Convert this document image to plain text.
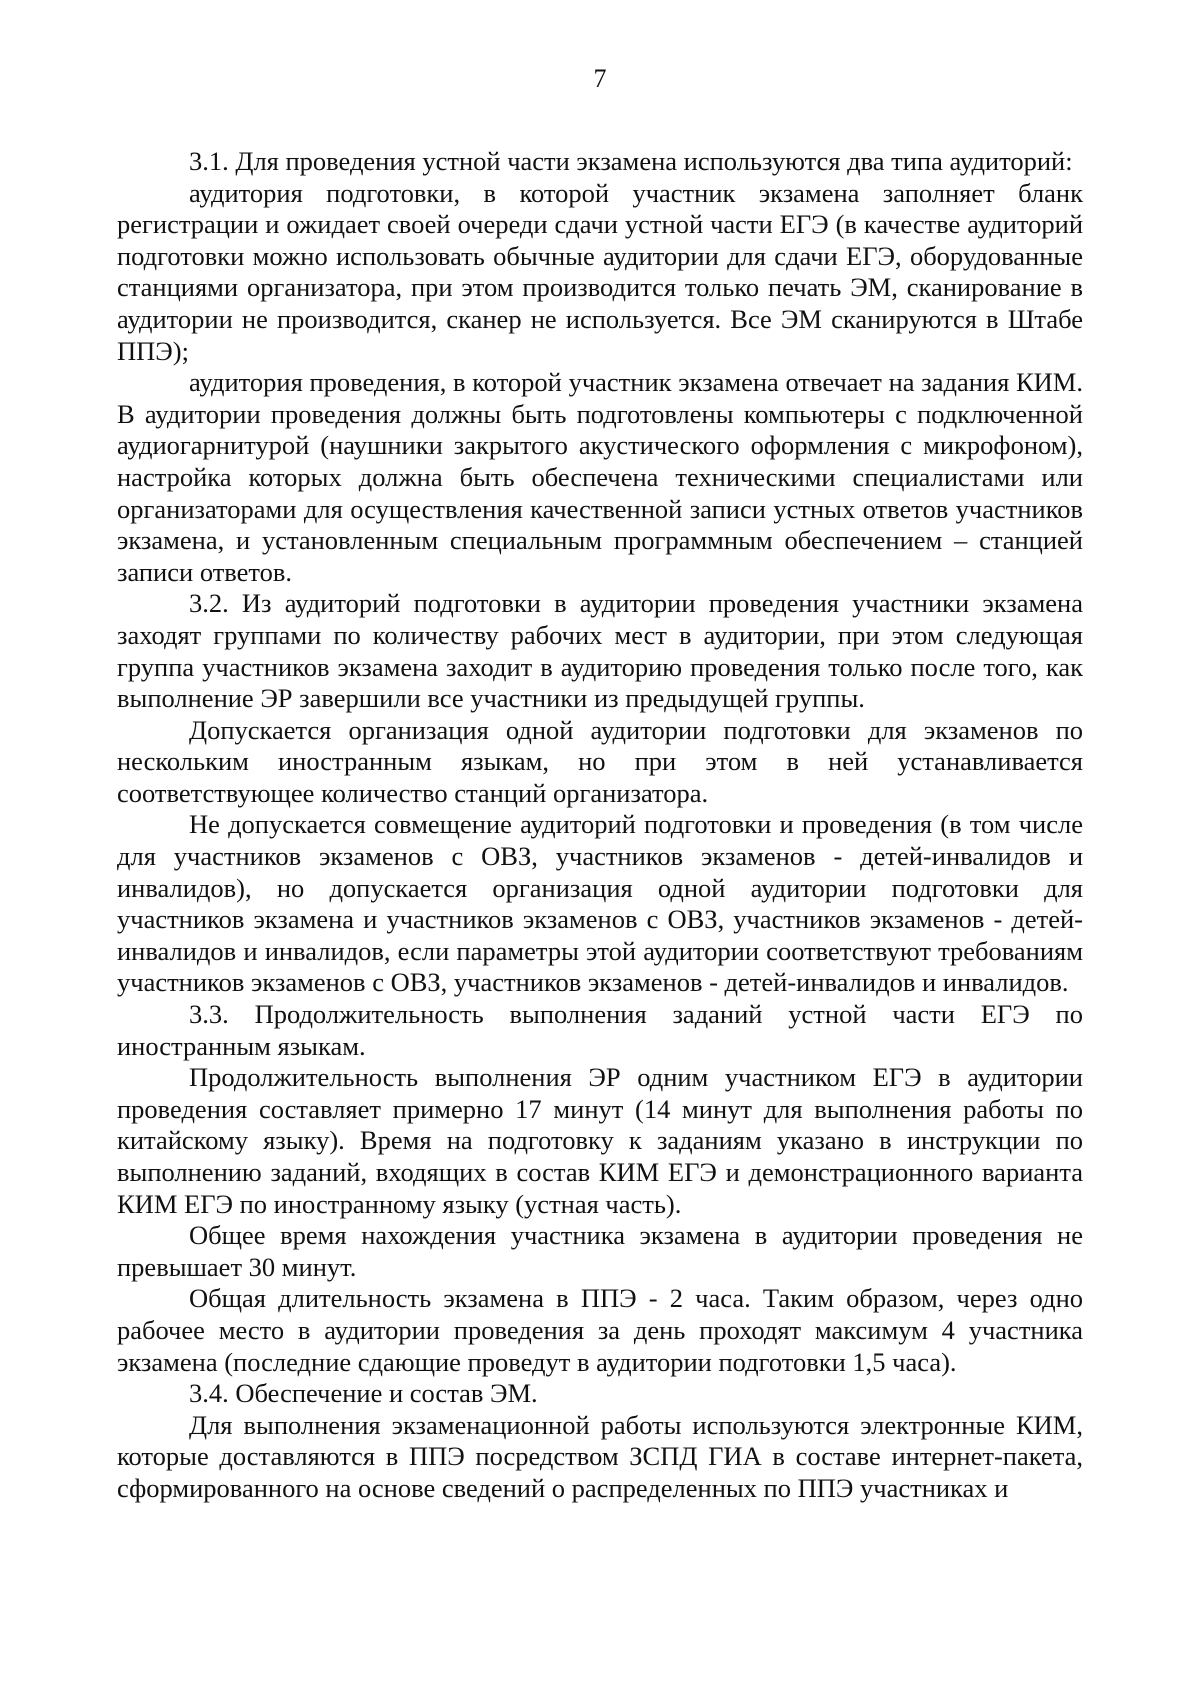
7

3.1. Для проведения устной части экзамена используются два типа аудиторий:

аудитория подготовки, в которой участник экзамена заполняет бланк регистрации и ожидает своей очереди сдачи устной части ЕГЭ (в качестве аудиторий подготовки можно использовать обычные аудитории для сдачи ЕГЭ, оборудованные станциями организатора, при этом производится только печать ЭМ, сканирование в аудитории не производится, сканер не используется. Все ЭМ сканируются в Штабе ППЭ);

аудитория проведения, в которой участник экзамена отвечает на задания КИМ. В аудитории проведения должны быть подготовлены компьютеры с подключенной аудиогарнитурой (наушники закрытого акустического оформления с микрофоном), настройка которых должна быть обеспечена техническими специалистами или организаторами для осуществления качественной записи устных ответов участников экзамена, и установленным специальным программным обеспечением – станцией записи ответов.

3.2. Из аудиторий подготовки в аудитории проведения участники экзамена заходят группами по количеству рабочих мест в аудитории, при этом следующая группа участников экзамена заходит в аудиторию проведения только после того, как выполнение ЭР завершили все участники из предыдущей группы.

Допускается организация одной аудитории подготовки для экзаменов по нескольким иностранным языкам, но при этом в ней устанавливается соответствующее количество станций организатора.

Не допускается совмещение аудиторий подготовки и проведения (в том числе для участников экзаменов с ОВЗ, участников экзаменов - детей-инвалидов и инвалидов), но допускается организация одной аудитории подготовки для участников экзамена и участников экзаменов с ОВЗ, участников экзаменов - детей-инвалидов и инвалидов, если параметры этой аудитории соответствуют требованиям участников экзаменов с ОВЗ, участников экзаменов - детей-инвалидов и инвалидов.

3.3. Продолжительность выполнения заданий устной части ЕГЭ по иностранным языкам.

Продолжительность выполнения ЭР одним участником ЕГЭ в аудитории проведения составляет примерно 17 минут (14 минут для выполнения работы по китайскому языку). Время на подготовку к заданиям указано в инструкции по выполнению заданий, входящих в состав КИМ ЕГЭ и демонстрационного варианта КИМ ЕГЭ по иностранному языку (устная часть).

Общее время нахождения участника экзамена в аудитории проведения не превышает 30 минут.

Общая длительность экзамена в ППЭ - 2 часа. Таким образом, через одно рабочее место в аудитории проведения за день проходят максимум 4 участника экзамена (последние сдающие проведут в аудитории подготовки 1,5 часа).

3.4. Обеспечение и состав ЭМ.

Для выполнения экзаменационной работы используются электронные КИМ, которые доставляются в ППЭ посредством ЗСПД ГИА в составе интернет-пакета, сформированного на основе сведений о распределенных по ППЭ участниках и
